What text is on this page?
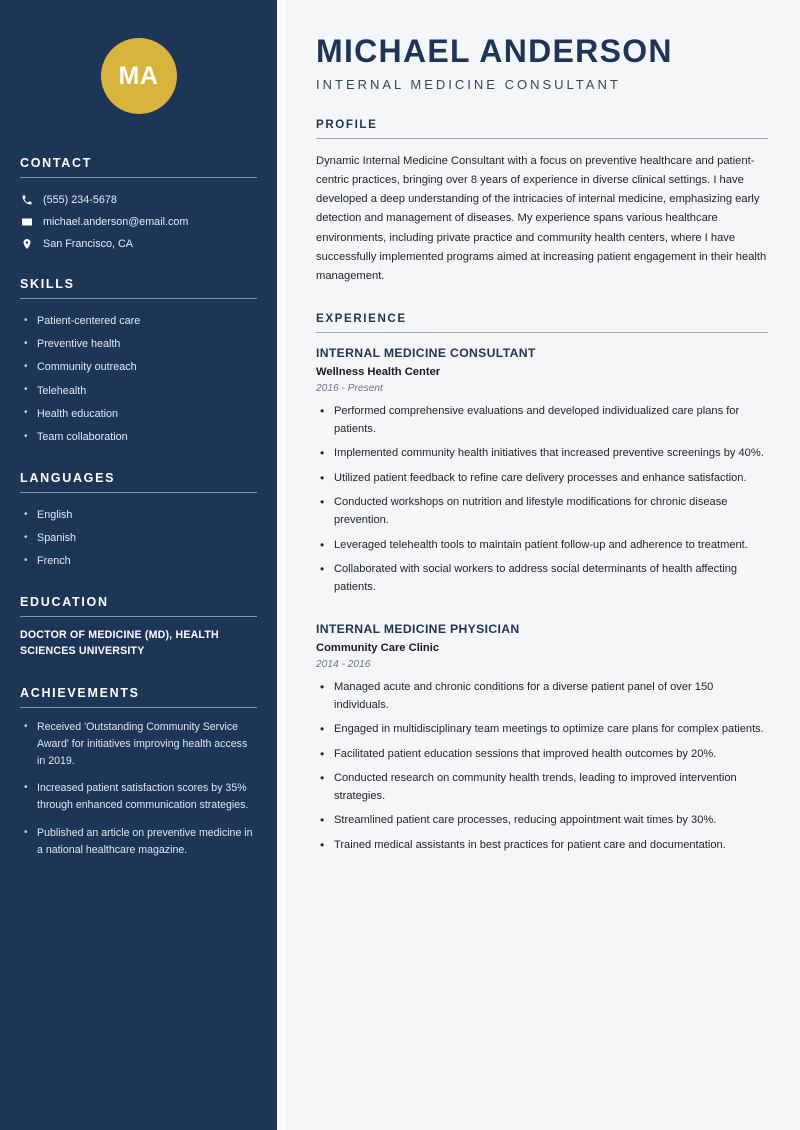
MA
CONTACT
(555) 234-5678
michael.anderson@email.com
San Francisco, CA
SKILLS
• Patient-centered care
• Preventive health
• Community outreach
• Telehealth
• Health education
• Team collaboration
LANGUAGES
• English
• Spanish
• French
EDUCATION
DOCTOR OF MEDICINE (MD), HEALTH SCIENCES UNIVERSITY
ACHIEVEMENTS
• Received 'Outstanding Community Service Award' for initiatives improving health access in 2019.
• Increased patient satisfaction scores by 35% through enhanced communication strategies.
• Published an article on preventive medicine in a national healthcare magazine.
MICHAEL ANDERSON
INTERNAL MEDICINE CONSULTANT
PROFILE

Dynamic Internal Medicine Consultant with a focus on preventive healthcare and patient-centric practices, bringing over 8 years of experience in diverse clinical settings. I have developed a deep understanding of the intricacies of internal medicine, emphasizing early detection and management of diseases. My experience spans various healthcare environments, including private practice and community health centers, where I have successfully implemented programs aimed at increasing patient engagement in their health management.

EXPERIENCE
INTERNAL MEDICINE CONSULTANT
Wellness Health Center
2016 - Present
• Performed comprehensive evaluations and developed individualized care plans for patients.
• Implemented community health initiatives that increased preventive screenings by 40%.
• Utilized patient feedback to refine care delivery processes and enhance satisfaction.
• Conducted workshops on nutrition and lifestyle modifications for chronic disease prevention.
• Leveraged telehealth tools to maintain patient follow-up and adherence to treatment.
• Collaborated with social workers to address social determinants of health affecting patients.
INTERNAL MEDICINE PHYSICIAN
Community Care Clinic
2014 - 2016
• Managed acute and chronic conditions for a diverse patient panel of over 150 individuals.
• Engaged in multidisciplinary team meetings to optimize care plans for complex patients.
• Facilitated patient education sessions that improved health outcomes by 20%.
• Conducted research on community health trends, leading to improved intervention strategies.
• Streamlined patient care processes, reducing appointment wait times by 30%.
• Trained medical assistants in best practices for patient care and documentation.
